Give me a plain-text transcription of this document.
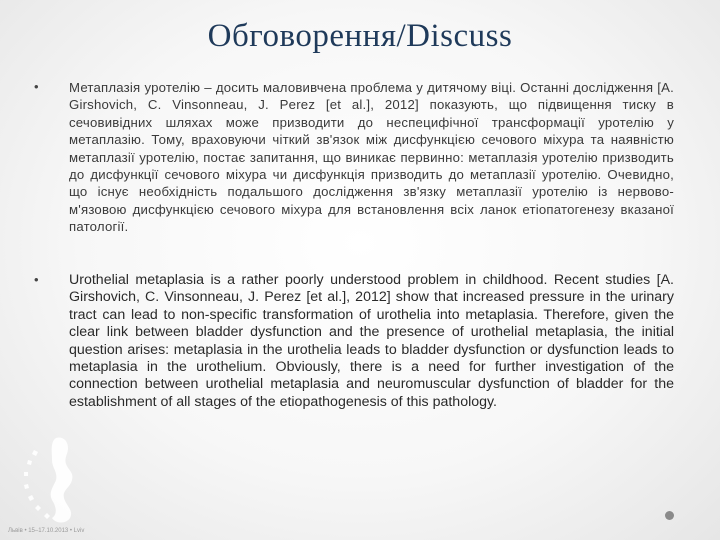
Обговорення/Discuss
• Метаплазія уротелію – досить маловивчена проблема у дитячому віці. Останні дослідження [A. Girshovich, C. Vinsonneau, J. Perez [et al.], 2012] показують, що підвищення тиску в сечовивідних шляхах може призводити до неспецифічної трансформації уротелію у метаплазію. Тому, враховуючи чіткий зв'язок між дисфункцією сечового міхура та наявністю метаплазії уротелію, постає запитання, що виникає первинно: метаплазія уротелію призводить до дисфункції сечового міхура чи дисфункція призводить до метаплазії уротелію. Очевидно, що існує необхідність подальшого дослідження зв'язку метаплазії уротелію із нервово-м'язовою дисфункцією сечового міхура для встановлення всіх ланок етіопатогенезу вказаної патології.
• Urothelial metaplasia is a rather poorly understood problem in childhood. Recent studies [A. Girshovich, C. Vinsonneau, J. Perez [et al.], 2012] show that increased pressure in the urinary tract can lead to non-specific transformation of urothelia into metaplasia. Therefore, given the clear link between bladder dysfunction and the presence of urothelial metaplasia, the initial question arises: metaplasia in the urothelia leads to bladder dysfunction or dysfunction leads to metaplasia in the urothelium. Obviously, there is a need for further investigation of the connection between urothelial metaplasia and neuromuscular dysfunction of bladder for the establishment of all stages of the etiopathogenesis of this pathology.
Львів • 15–17.10.2013 • Lviv
